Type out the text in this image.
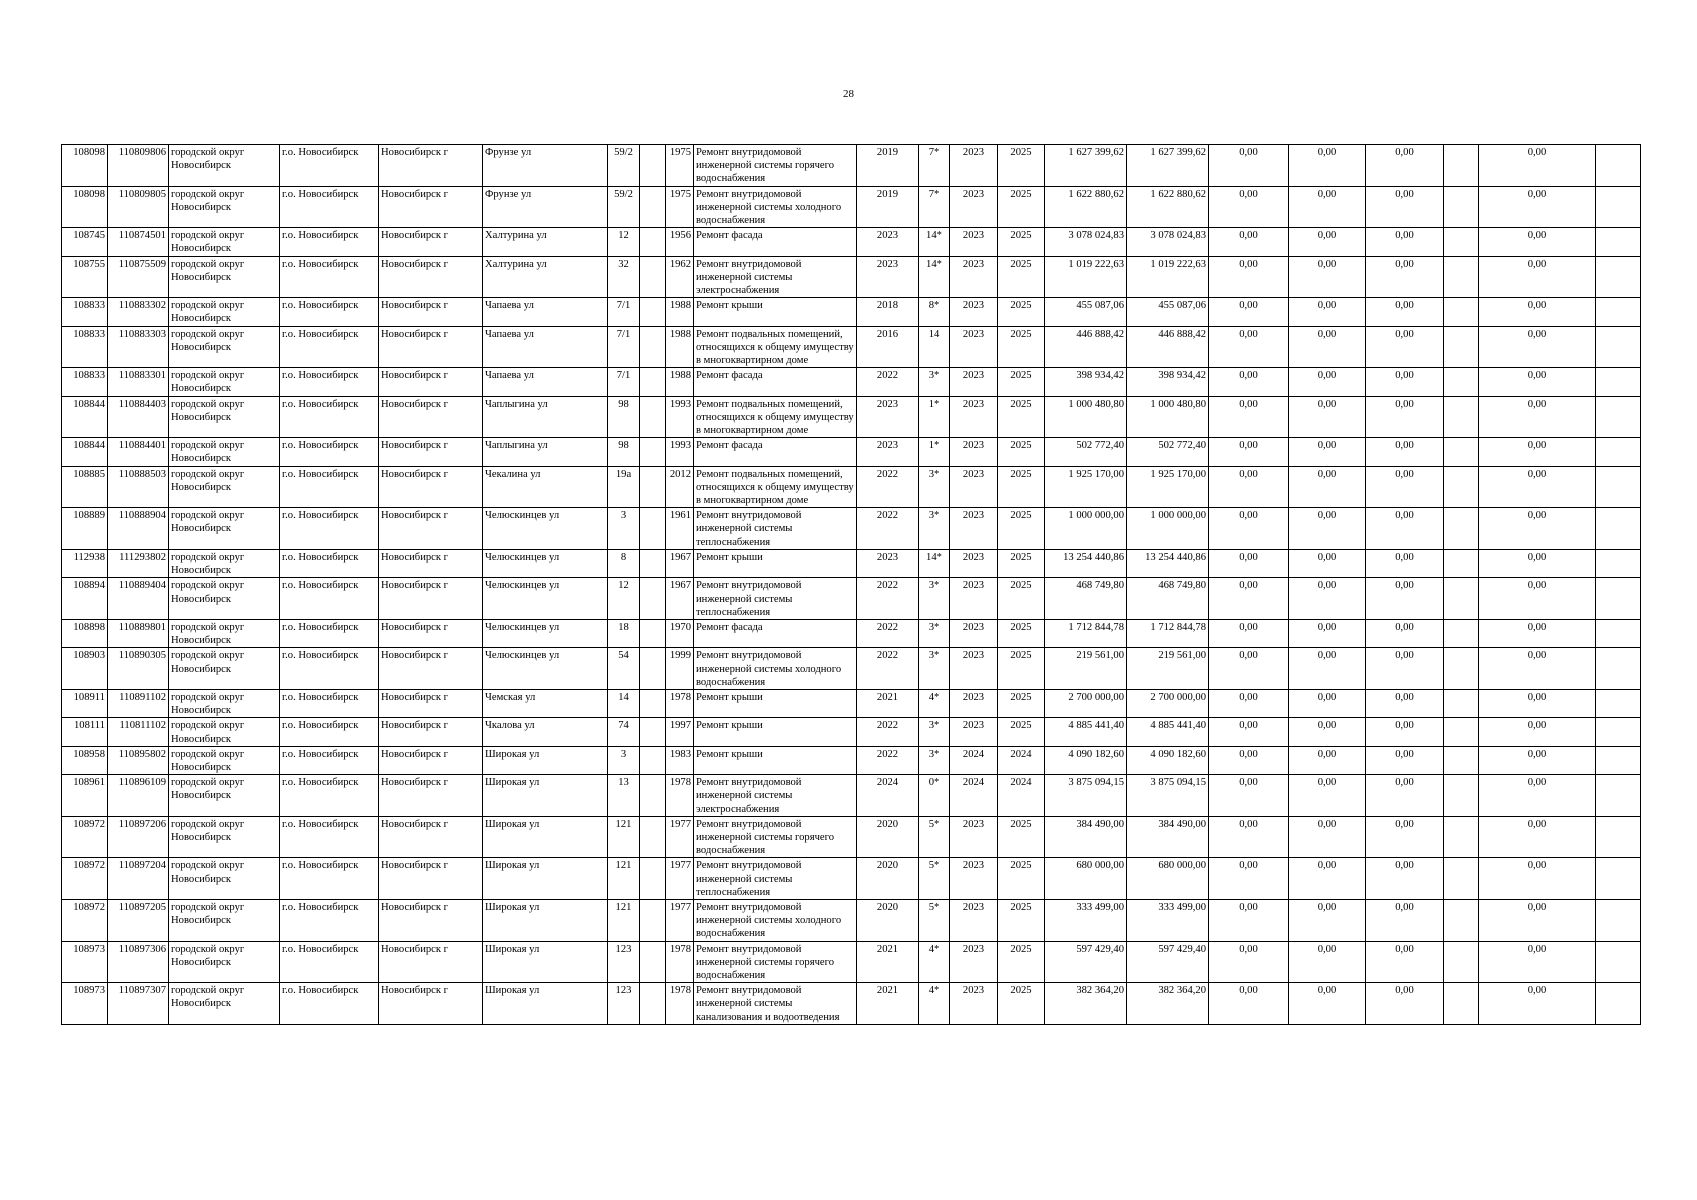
28
108098	110809806	городской округ Новосибирск	г.о. Новосибирск	Новосибирск г	Фрунзе ул	59/2		1975	Ремонт внутридомовой инженерной системы горячего водоснабжения	2019	7*	2023	2025	1 627 399,62	1 627 399,62	0,00	0,00	0,00		0,00	
108098	110809805	городской округ Новосибирск	г.о. Новосибирск	Новосибирск г	Фрунзе ул	59/2		1975	Ремонт внутридомовой инженерной системы холодного водоснабжения	2019	7*	2023	2025	1 622 880,62	1 622 880,62	0,00	0,00	0,00		0,00	
108745	110874501	городской округ Новосибирск	г.о. Новосибирск	Новосибирск г	Халтурина ул	12		1956	Ремонт фасада	2023	14*	2023	2025	3 078 024,83	3 078 024,83	0,00	0,00	0,00		0,00	
108755	110875509	городской округ Новосибирск	г.о. Новосибирск	Новосибирск г	Халтурина ул	32		1962	Ремонт внутридомовой инженерной системы электроснабжения	2023	14*	2023	2025	1 019 222,63	1 019 222,63	0,00	0,00	0,00		0,00	
108833	110883302	городской округ Новосибирск	г.о. Новосибирск	Новосибирск г	Чапаева ул	7/1		1988	Ремонт крыши	2018	8*	2023	2025	455 087,06	455 087,06	0,00	0,00	0,00		0,00	
108833	110883303	городской округ Новосибирск	г.о. Новосибирск	Новосибирск г	Чапаева ул	7/1		1988	Ремонт подвальных помещений, относящихся к общему имуществу в многоквартирном доме	2016	14	2023	2025	446 888,42	446 888,42	0,00	0,00	0,00		0,00	
108833	110883301	городской округ Новосибирск	г.о. Новосибирск	Новосибирск г	Чапаева ул	7/1		1988	Ремонт фасада	2022	3*	2023	2025	398 934,42	398 934,42	0,00	0,00	0,00		0,00	
108844	110884403	городской округ Новосибирск	г.о. Новосибирск	Новосибирск г	Чаплыгина ул	98		1993	Ремонт подвальных помещений, относящихся к общему имуществу в многоквартирном доме	2023	1*	2023	2025	1 000 480,80	1 000 480,80	0,00	0,00	0,00		0,00	
108844	110884401	городской округ Новосибирск	г.о. Новосибирск	Новосибирск г	Чаплыгина ул	98		1993	Ремонт фасада	2023	1*	2023	2025	502 772,40	502 772,40	0,00	0,00	0,00		0,00	
108885	110888503	городской округ Новосибирск	г.о. Новосибирск	Новосибирск г	Чекалина ул	19а		2012	Ремонт подвальных помещений, относящихся к общему имуществу в многоквартирном доме	2022	3*	2023	2025	1 925 170,00	1 925 170,00	0,00	0,00	0,00		0,00	
108889	110888904	городской округ Новосибирск	г.о. Новосибирск	Новосибирск г	Челюскинцев ул	3		1961	Ремонт внутридомовой инженерной системы теплоснабжения	2022	3*	2023	2025	1 000 000,00	1 000 000,00	0,00	0,00	0,00		0,00	
112938	111293802	городской округ Новосибирск	г.о. Новосибирск	Новосибирск г	Челюскинцев ул	8		1967	Ремонт крыши	2023	14*	2023	2025	13 254 440,86	13 254 440,86	0,00	0,00	0,00		0,00	
108894	110889404	городской округ Новосибирск	г.о. Новосибирск	Новосибирск г	Челюскинцев ул	12		1967	Ремонт внутридомовой инженерной системы теплоснабжения	2022	3*	2023	2025	468 749,80	468 749,80	0,00	0,00	0,00		0,00	
108898	110889801	городской округ Новосибирск	г.о. Новосибирск	Новосибирск г	Челюскинцев ул	18		1970	Ремонт фасада	2022	3*	2023	2025	1 712 844,78	1 712 844,78	0,00	0,00	0,00		0,00	
108903	110890305	городской округ Новосибирск	г.о. Новосибирск	Новосибирск г	Челюскинцев ул	54		1999	Ремонт внутридомовой инженерной системы холодного водоснабжения	2022	3*	2023	2025	219 561,00	219 561,00	0,00	0,00	0,00		0,00	
108911	110891102	городской округ Новосибирск	г.о. Новосибирск	Новосибирск г	Чемская ул	14		1978	Ремонт крыши	2021	4*	2023	2025	2 700 000,00	2 700 000,00	0,00	0,00	0,00		0,00	
108111	110811102	городской округ Новосибирск	г.о. Новосибирск	Новосибирск г	Чкалова ул	74		1997	Ремонт крыши	2022	3*	2023	2025	4 885 441,40	4 885 441,40	0,00	0,00	0,00		0,00	
108958	110895802	городской округ Новосибирск	г.о. Новосибирск	Новосибирск г	Широкая ул	3		1983	Ремонт крыши	2022	3*	2024	2024	4 090 182,60	4 090 182,60	0,00	0,00	0,00		0,00	
108961	110896109	городской округ Новосибирск	г.о. Новосибирск	Новосибирск г	Широкая ул	13		1978	Ремонт внутридомовой инженерной системы электроснабжения	2024	0*	2024	2024	3 875 094,15	3 875 094,15	0,00	0,00	0,00		0,00	
108972	110897206	городской округ Новосибирск	г.о. Новосибирск	Новосибирск г	Широкая ул	121		1977	Ремонт внутридомовой инженерной системы горячего водоснабжения	2020	5*	2023	2025	384 490,00	384 490,00	0,00	0,00	0,00		0,00	
108972	110897204	городской округ Новосибирск	г.о. Новосибирск	Новосибирск г	Широкая ул	121		1977	Ремонт внутридомовой инженерной системы теплоснабжения	2020	5*	2023	2025	680 000,00	680 000,00	0,00	0,00	0,00		0,00	
108972	110897205	городской округ Новосибирск	г.о. Новосибирск	Новосибирск г	Широкая ул	121		1977	Ремонт внутридомовой инженерной системы холодного водоснабжения	2020	5*	2023	2025	333 499,00	333 499,00	0,00	0,00	0,00		0,00	
108973	110897306	городской округ Новосибирск	г.о. Новосибирск	Новосибирск г	Широкая ул	123		1978	Ремонт внутридомовой инженерной системы горячего водоснабжения	2021	4*	2023	2025	597 429,40	597 429,40	0,00	0,00	0,00		0,00	
108973	110897307	городской округ Новосибирск	г.о. Новосибирск	Новосибирск г	Широкая ул	123		1978	Ремонт внутридомовой инженерной системы канализования и водоотведения	2021	4*	2023	2025	382 364,20	382 364,20	0,00	0,00	0,00		0,00	
